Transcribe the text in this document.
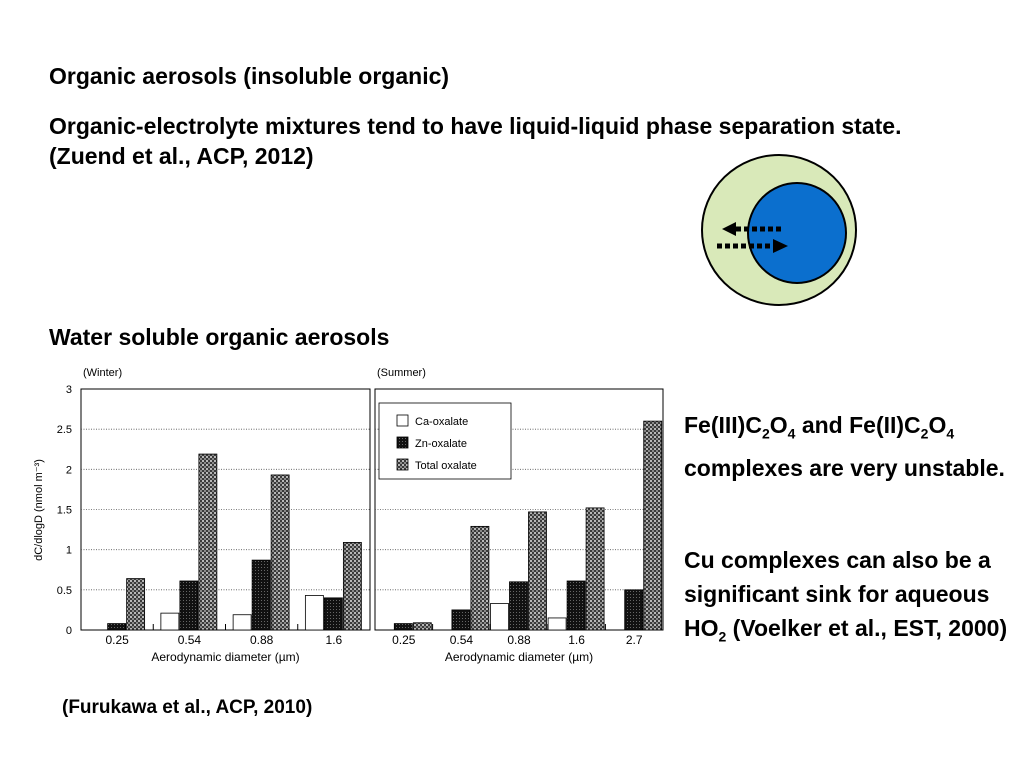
Organic aerosols (insoluble organic)

Organic-electrolyte mixtures tend to have liquid-liquid phase separation state. (Zuend et al., ACP, 2012)

Water soluble organic aerosols

dC/dlogD (nmol m⁻³)
0
0.5
1
1.5
2
2.5
3
(Winter)
0.25	0.54	0.88	1.6
Aerodynamic diameter (µm)
(Summer)
0.25	0.54	0.88	1.6	2.7
Aerodynamic diameter (µm)
Ca-oxalate
Zn-oxalate
Total oxalate
$Fe(III)C_2O_4$ and $Fe(II)C_2O_4$ complexes are very unstable.
Cu complexes can also be a significant sink for aqueous $HO_2$ (Voelker et al., EST, 2000)
(Furukawa et al., ACP, 2010)
